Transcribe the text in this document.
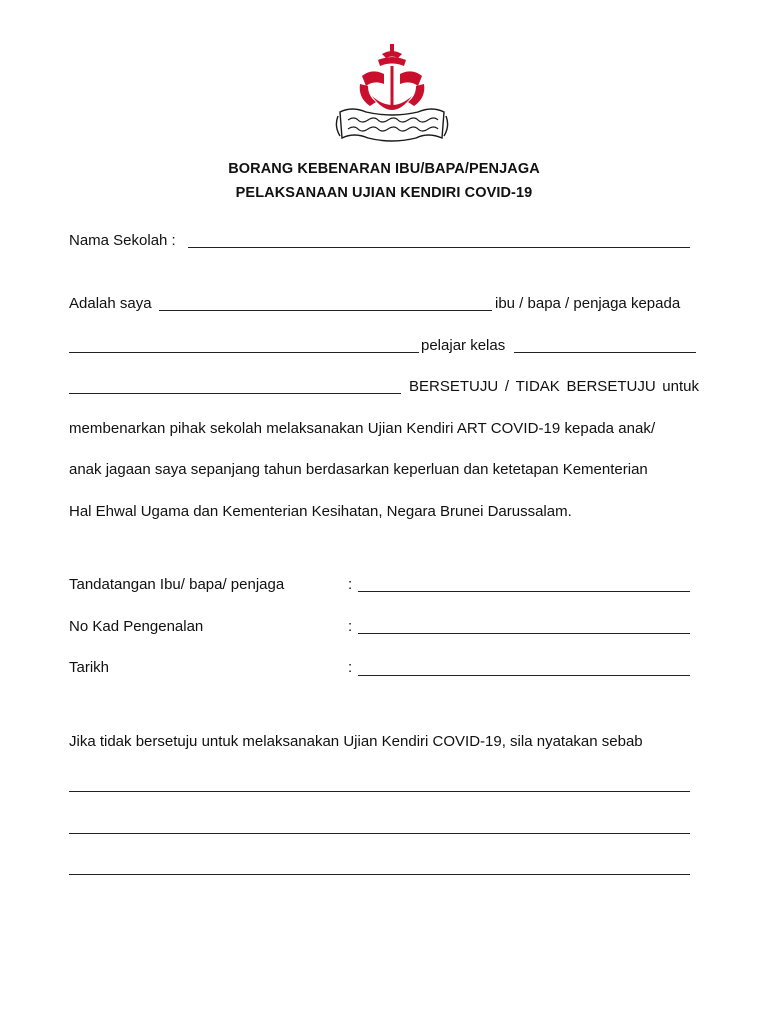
BORANG KEBENARAN IBU/BAPA/PENJAGA
PELAKSANAAN UJIAN KENDIRI COVID-19
Nama Sekolah :
Adalah saya	ibu / bapa / penjaga kepada
pelajar kelas
BERSETUJU / TIDAK BERSETUJU untuk
membenarkan pihak sekolah melaksanakan Ujian Kendiri ART COVID-19 kepada anak/
anak jagaan saya sepanjang tahun berdasarkan keperluan dan ketetapan Kementerian
Hal Ehwal Ugama dan Kementerian Kesihatan, Negara Brunei Darussalam.
Tandatangan Ibu/ bapa/ penjaga	:
No Kad Pengenalan	:
Tarikh	:
Jika tidak bersetuju untuk melaksanakan Ujian Kendiri COVID-19, sila nyatakan sebab
